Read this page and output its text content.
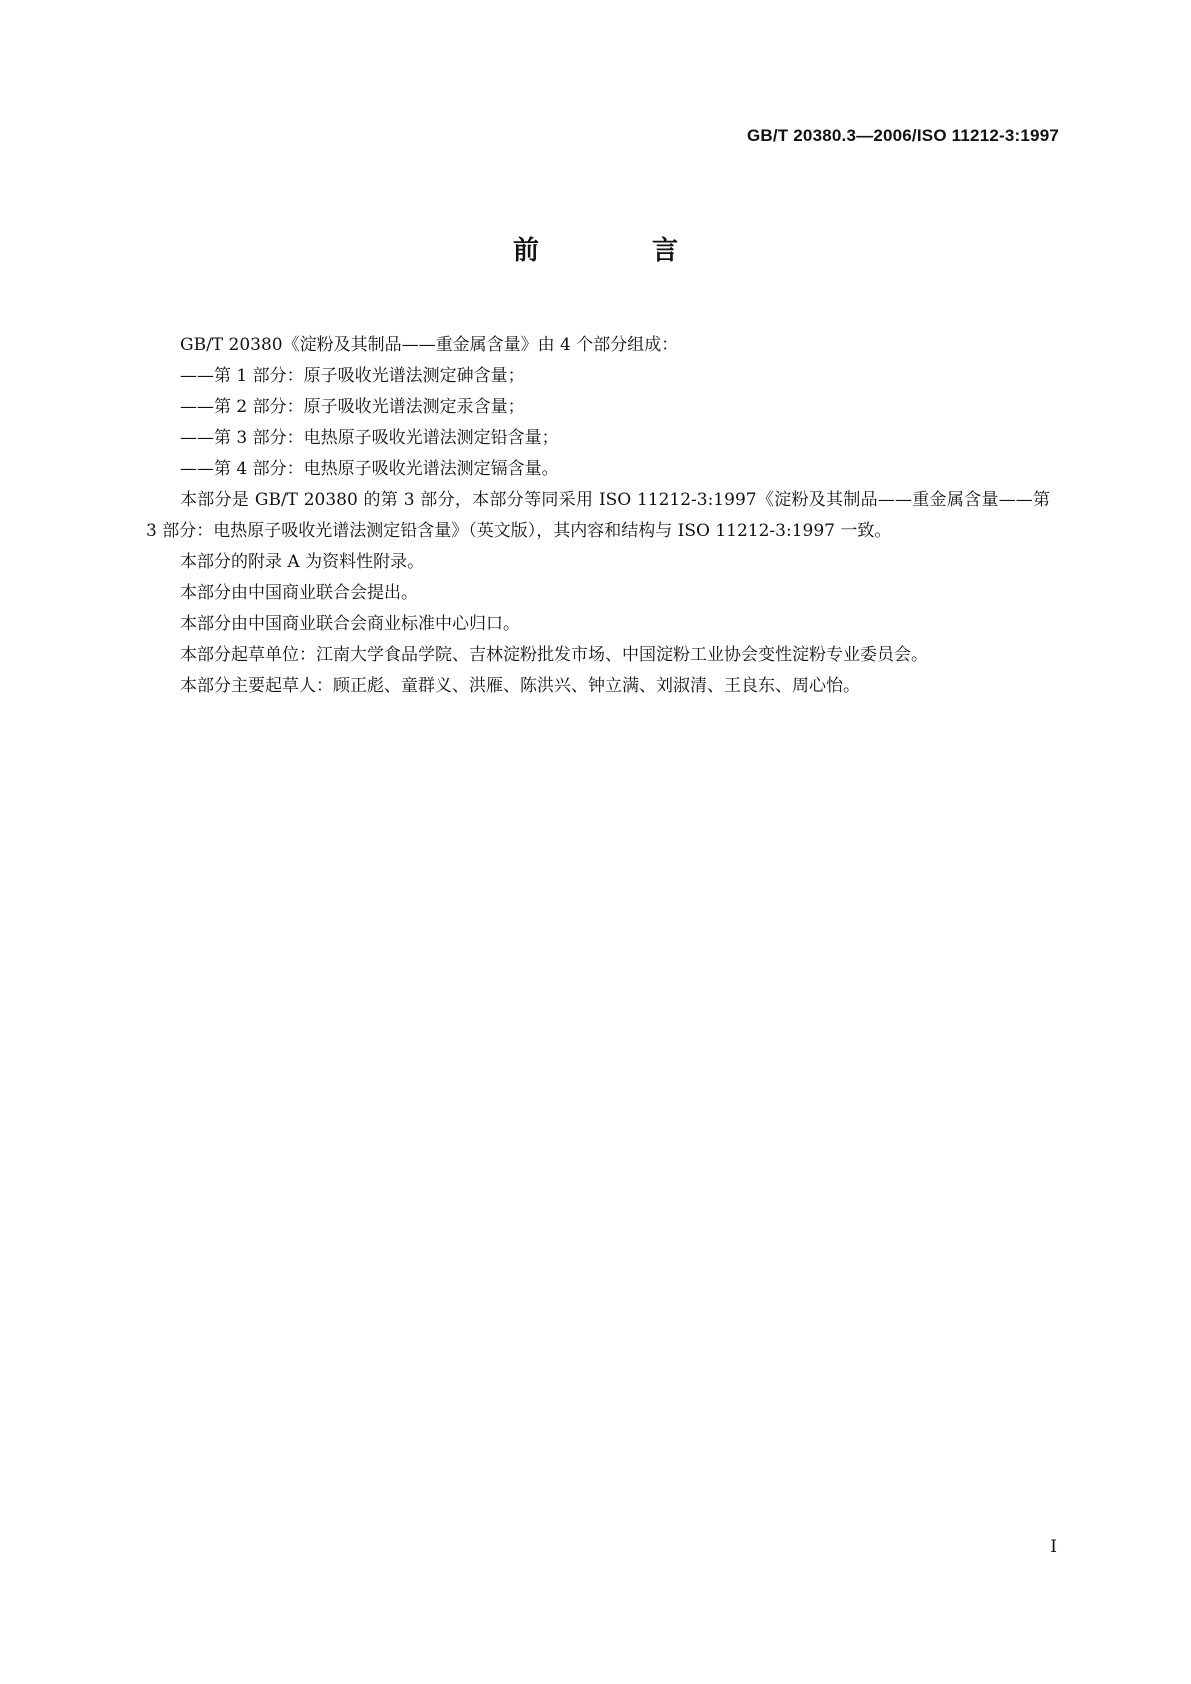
GB/T 20380.3—2006/ISO 11212-3:1997
前 言

GB/T 20380《淀粉及其制品——重金属含量》由 4 个部分组成：

——第 1 部分：原子吸收光谱法测定砷含量；
——第 2 部分：原子吸收光谱法测定汞含量；
——第 3 部分：电热原子吸收光谱法测定铅含量；
——第 4 部分：电热原子吸收光谱法测定镉含量。

本部分是 GB/T 20380 的第 3 部分，本部分等同采用 ISO 11212-3:1997《淀粉及其制品——重金属含量——第 3 部分：电热原子吸收光谱法测定铅含量》（英文版），其内容和结构与 ISO 11212-3:1997 一致。

本部分的附录 A 为资料性附录。

本部分由中国商业联合会提出。

本部分由中国商业联合会商业标准中心归口。

本部分起草单位：江南大学食品学院、吉林淀粉批发市场、中国淀粉工业协会变性淀粉专业委员会。

本部分主要起草人：顾正彪、童群义、洪雁、陈洪兴、钟立满、刘淑清、王良东、周心怡。

I
